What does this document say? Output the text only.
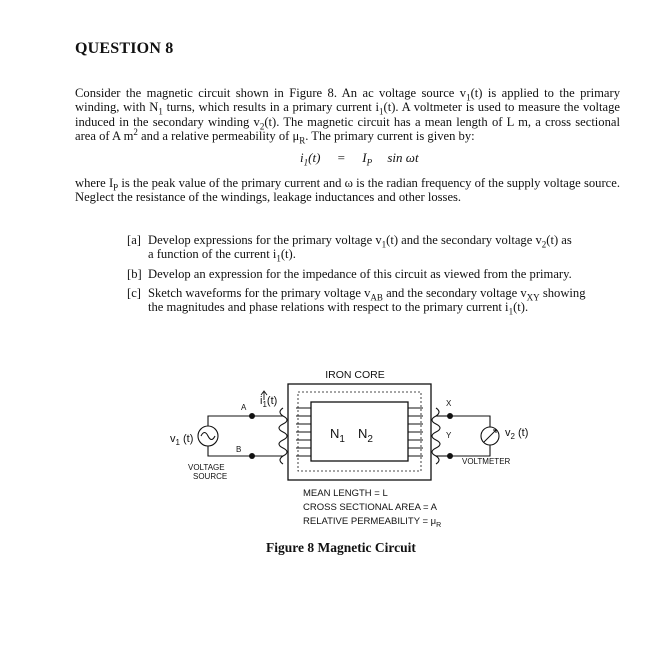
QUESTION 8

Consider the magnetic circuit shown in Figure 8. An ac voltage source $v_1(t)$ is applied to the primary winding, with $N_1$ turns, which results in a primary current $i_1(t)$. A voltmeter is used to measure the voltage induced in the secondary winding $v_2(t)$. The magnetic circuit has a mean length of L m, a cross sectional area of A $m^2$ and a relative permeability of $\mu_R$. The primary current is given by:

$i_1(t) = I_P$ sin ωt

where $I_P$ is the peak value of the primary current and ω is the radian frequency of the supply voltage source. Neglect the resistance of the windings, leakage inductances and other losses.

[a] Develop expressions for the primary voltage $v_1(t)$ and the secondary voltage $v_2(t)$ as
a function of the current $i_1(t)$.
[b] Develop an expression for the impedance of this circuit as viewed from the primary.
[c] Sketch waveforms for the primary voltage $v_{AB}$ and the secondary voltage $v_{XY}$ showing
the magnitudes and phase relations with respect to the primary current $i_1(t)$.
IRON CORE
$N_1$ $N_2$
A
B
$i_1(t)$
$v_1$ (t)
VOLTAGE
SOURCE
X
Y	$v_2$ (t)
VOLTMETER
MEAN LENGTH = L
CROSS SECTIONAL AREA = A
RELATIVE PERMEABILITY = $\mu_R$
Figure 8 Magnetic Circuit
